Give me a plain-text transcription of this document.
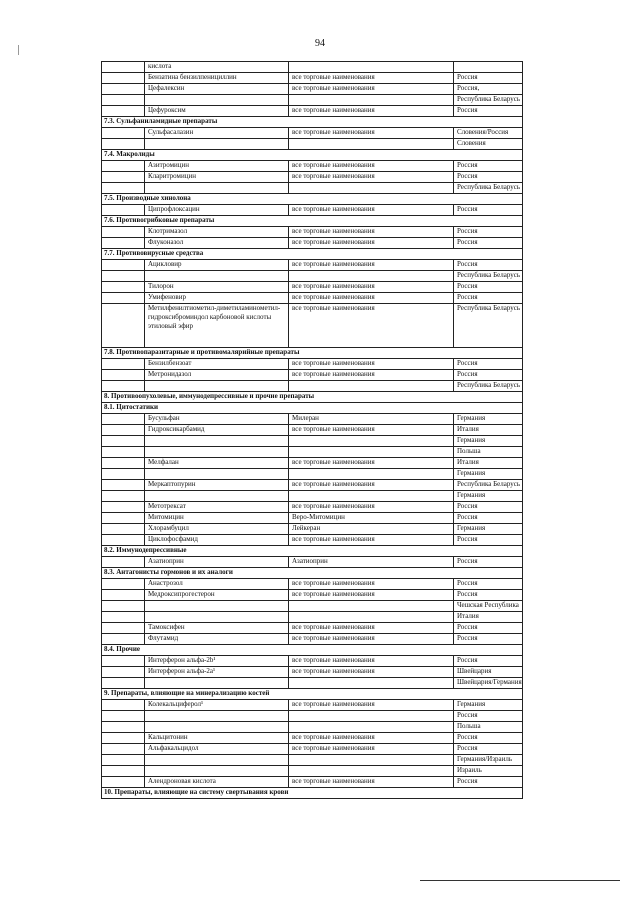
94
	кислота		
	Бензатина бензилпенициллин	все торговые наименования	Россия
	Цефалексин	все торговые наименования	Россия,
			Республика Беларусь
	Цефуроксим	все торговые наименования	Россия
7.3. Сульфаниламидные препараты			
	Сульфасалазин	все торговые наименования	Словения/Россия
			Словения
7.4. Макролиды			
	Азитромицин	все торговые наименования	Россия
	Кларитромицин	все торговые наименования	Россия
			Республика Беларусь
7.5. Производные хинолона			
	Ципрофлоксацин	все торговые наименования	Россия
7.6. Противогрибковые препараты			
	Клотримазол	все торговые наименования	Россия
	Флуконазол	все торговые наименования	Россия
7.7. Противовирусные средства			
	Ацикловир	все торговые наименования	Россия
			Республика Беларусь
	Тилорон	все торговые наименования	Россия
	Умифеновир	все торговые наименования	Россия
	Метилфенилтиометил-диметиламинометил-гидроксиброминдол карбоновой кислоты этиловый эфир	все торговые наименования	Республика Беларусь
7.8. Противопаразитарные и противомалярийные препараты			
	Бензилбензоат	все торговые наименования	Россия
	Метронидазол	все торговые наименования	Россия
			Республика Беларусь
8. Противоопухолевые, иммунодепрессивные и прочие препараты			
8.1. Цитостатики			
	Бусульфан	Милеран	Германия
	Гидроксикарбамид	все торговые наименования	Италия
			Германия
			Польша
	Мелфалан	все торговые наименования	Италия
			Германия
	Меркаптопурин	все торговые наименования	Республика Беларусь
			Германия
	Метотрексат	все торговые наименования	Россия
	Митомицин	Веро-Митомицин	Россия
	Хлорамбуцил	Лейкеран	Германия
	Циклофосфамид	все торговые наименования	Россия
8.2. Иммунодепрессивные			
	Азатиоприн	Азатиоприн	Россия
8.3. Антагонисты гормонов и их аналоги			
	Анастрозол	все торговые наименования	Россия
	Медроксипрогестерон	все торговые наименования	Россия
			Чешская Республика
			Италия
	Тамоксифен	все торговые наименования	Россия
	Флутамид	все торговые наименования	Россия
8.4. Прочие			
	Интерферон альфа-2b¹	все торговые наименования	Россия
	Интерферон альфа-2a¹	все торговые наименования	Швейцария
			Швейцария/Германия
9. Препараты, влияющие на минерализацию костей			
	Колекальциферол¹	все торговые наименования	Германия
			Россия
			Польша
	Кальцитонин	все торговые наименования	Россия
	Альфакальцидол	все торговые наименования	Россия
			Германия/Израиль
			Израиль
	Алендроновая кислота	все торговые наименования	Россия
10. Препараты, влияющие на систему свертывания крови			
